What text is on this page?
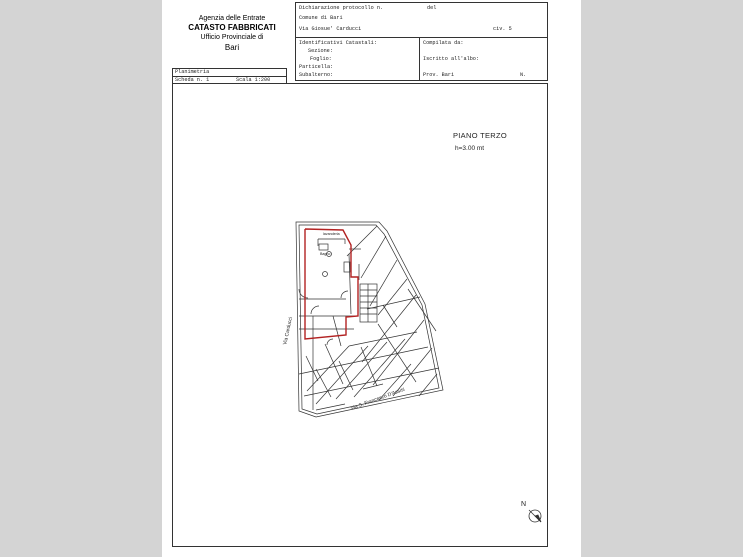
Agenzia delle Entrate
CATASTO FABBRICATI
Ufficio Provinciale di
Bari
Dichiarazione protocollo n.	del
Comune di Bari
Via Giosue' Carducci	civ. 5
Identificativi Catastali:
Sezione:
Foglio:
Particella:
Subalterno:
Compilata da:
Iscritto all'albo:
Prov. Bari	N.
Planimetria
Scheda n. 1	Scala 1:200
PIANO TERZO
h=3.00 mt
Bagno
lavanderia
Via Carducci
Via S. Francesco D'Assisi
N
